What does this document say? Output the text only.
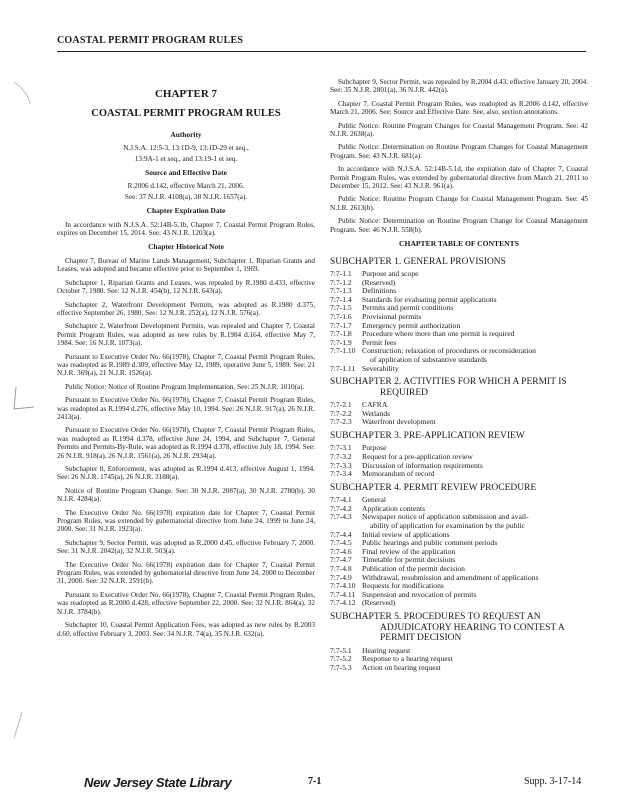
COASTAL PERMIT PROGRAM RULES
CHAPTER 7
COASTAL PERMIT PROGRAM RULES
Authority
N.J.S.A. 12:5-3, 13:1D-9, 13:1D-29 et seq.,
13:9A-1 et seq., and 13:19-1 et seq.
Source and Effective Date
R.2006 d.142, effective March 21, 2006.
See: 37 N.J.R. 4108(a), 38 N.J.R. 1657(a).
Chapter Expiration Date

In accordance with N.J.S.A. 52:14B-5.1b, Chapter 7, Coastal Permit Program Rules, expires on December 15, 2014. See: 43 N.J.R. 1203(a).

Chapter Historical Note

Chapter 7, Bureau of Marine Lands Management, Subchapter 1, Riparian Grants and Leases, was adopted and became effective prior to September 1, 1969.

Subchapter 1, Riparian Grants and Leases, was repealed by R.1980 d.433, effective October 7, 1980. See: 12 N.J.R. 454(b), 12 N.J.R. 643(a).

Subchapter 2, Waterfront Development Permits, was adopted as R.1980 d.375, effective September 26, 1980. See: 12 N.J.R. 252(a), 12 N.J.R. 576(a).

Subchapter 2, Waterfront Development Permits, was repealed and Chapter 7, Coastal Permit Program Rules, was adopted as new rules by R.1984 d.164, effective May 7, 1984. See: 16 N.J.R. 1073(a).

Pursuant to Executive Order No. 66(1978), Chapter 7, Coastal Permit Program Rules, was readopted as R.1989 d.309, effective May 12, 1989, operative June 5, 1989. See: 21 N.J.R. 369(a), 21 N.J.R. 1526(a).

Public Notice: Notice of Routine Program Implementation. See: 25 N.J.R. 1010(a).

Pursuant to Executive Order No. 66(1978), Chapter 7, Coastal Permit Program Rules, was readopted as R.1994 d.276, effective May 10, 1994. See: 26 N.J.R. 917(a), 26 N.J.R. 2413(a).

Pursuant to Executive Order No. 66(1978), Chapter 7, Coastal Permit Program Rules, was readopted as R.1994 d.378, effective June 24, 1994, and Subchapter 7, General Permits and Permits-By-Rule, was adopted as R.1994 d.378, effective July 18, 1994. See: 26 N.J.R. 918(a), 26 N.J.R. 1561(a), 26 N.J.R. 2934(a).

Subchapter 8, Enforcement, was adopted as R.1994 d.413, effective August 1, 1994. See: 26 N.J.R. 1745(a), 26 N.J.R. 3188(a).

Notice of Routine Program Change. See: 30 N.J.R. 2087(a), 30 N.J.R. 2780(b), 30 N.J.R. 4284(a).

The Executive Order No. 66(1978) expiration date for Chapter 7, Coastal Permit Program Rules, was extended by gubernatorial directive from June 24, 1999 to June 24, 2000. See: 31 N.J.R. 1923(a).

Subchapter 9, Sector Permit, was adopted as R.2000 d.45, effective February 7, 2000. See: 31 N.J.R. 2042(a), 32 N.J.R. 503(a).

The Executive Order No. 66(1978) expiration date for Chapter 7, Coastal Permit Program Rules, was extended by gubernatorial directive from June 24, 2000 to December 31, 2000. See: 32 N.J.R. 2591(b).

Pursuant to Executive Order No. 66(1978), Chapter 7, Coastal Permit Program Rules, was readopted as R.2000 d.428, effective September 22, 2000. See: 32 N.J.R. 864(a), 32 N.J.R. 3784(b).

Subchapter 10, Coastal Permit Application Fees, was adopted as new rules by R.2003 d.60, effective February 3, 2003. See: 34 N.J.R. 74(a), 35 N.J.R. 632(a).

Subchapter 9, Sector Permit, was repealed by R.2004 d.43, effective January 20, 2004. See: 35 N.J.R. 2801(a), 36 N.J.R. 442(a).

Chapter 7, Coastal Permit Program Rules, was readopted as R.2006 d.142, effective March 21, 2006. See: Source and Effective Date. See, also, section annotations.

Public Notice: Routine Program Changes for Coastal Management Program. See: 42 N.J.R. 2638(a).

Public Notice: Determination on Routine Program Changes for Coastal Management Program. See: 43 N.J.R. 681(a).

In accordance with N.J.S.A. 52:14B-5.1d, the expiration date of Chapter 7, Coastal Permit Program Rules, was extended by gubernatorial directive from March 21, 2011 to December 15, 2012. See: 43 N.J.R. 961(a).

Public Notice: Routine Program Change for Coastal Management Program. See: 45 N.J.R. 2613(b).

Public Notice: Determination on Routine Program Change for Coastal Management Program. See: 46 N.J.R. 558(b).

CHAPTER TABLE OF CONTENTS
SUBCHAPTER 1. GENERAL PROVISIONS
7:7-1.1	Purpose and scope
7:7-1.2	(Reserved)
7:7-1.3	Definitions
7:7-1.4	Standards for evaluating permit applications
7:7-1.5	Permits and permit conditions
7:7-1.6	Provisional permits
7:7-1.7	Emergency permit authorization
7:7-1.8	Procedure where more than one permit is required
7:7-1.9	Permit fees
7:7-1.10 Construction; relaxation of procedures or reconsideration
of application of substantive standards
7:7-1.11 Severability
SUBCHAPTER 2. ACTIVITIES FOR WHICH A PERMIT IS
REQUIRED
7:7-2.1	CAFRA
7:7-2.2	Wetlands
7:7-2.3	Waterfront development
SUBCHAPTER 3. PRE-APPLICATION REVIEW
7:7-3.1	Purpose
7:7-3.2	Request for a pre-application review
7:7-3.3	Discussion of information requirements
7:7-3.4	Memorandum of record
SUBCHAPTER 4. PERMIT REVIEW PROCEDURE
7:7-4.1	General
7:7-4.2	Application contents
7:7-4.3	Newspaper notice of application submission and avail-
ability of application for examination by the public
7:7-4.4	Initial review of applications
7:7-4.5	Public hearings and public comment periods
7:7-4.6	Final review of the application
7:7-4.7	Timetable for permit decisions
7:7-4.8	Publication of the permit decision
7:7-4.9	Withdrawal, resubmission and amendment of applications
7:7-4.10 Requests for modifications
7:7-4.11 Suspension and revocation of permits
7:7-4.12 (Reserved)
SUBCHAPTER 5. PROCEDURES TO REQUEST AN
ADJUDICATORY HEARING TO CONTEST A
PERMIT DECISION
7:7-5.1	Hearing request
7:7-5.2	Response to a hearing request
7:7-5.3	Action on hearing request
New Jersey State Library	7-1	Supp. 3-17-14
